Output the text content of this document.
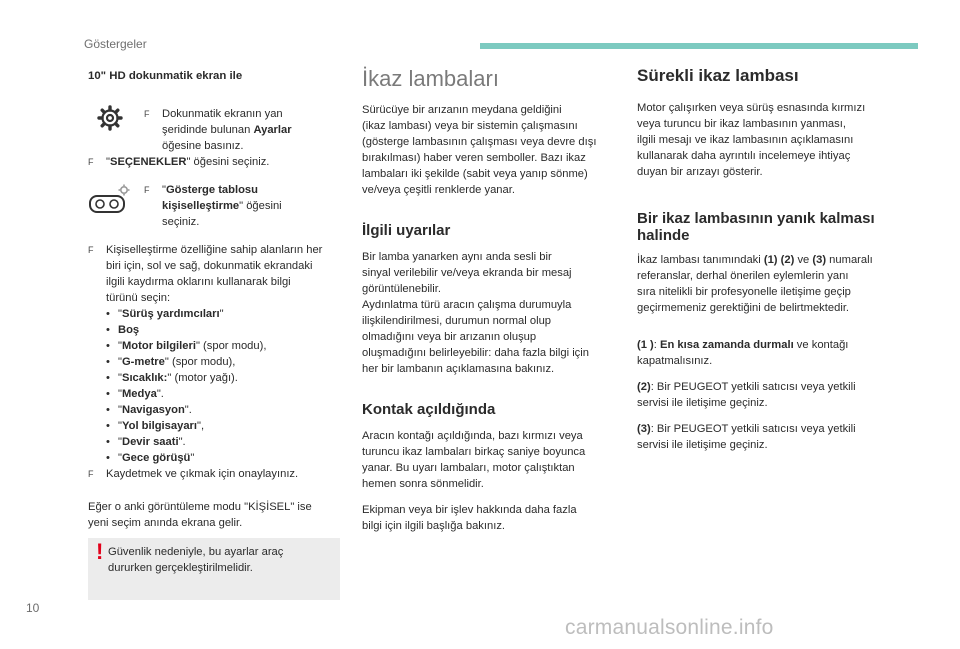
Göstergeler

10" HD dokunmatik ekran ile

F	Dokunmatik ekranın yan
şeridinde bulunan Ayarlar
öğesine basınız.
F	"SEÇENEKLER" öğesini seçiniz.
F	"Gösterge tablosu
kişiselleştirme" öğesini
seçiniz.
F	Kişiselleştirme özelliğine sahip alanların her
biri için, sol ve sağ, dokunmatik ekrandaki
ilgili kaydırma oklarını kullanarak bilgi
türünü seçin:
• "Sürüş yardımcıları"
• Boş
• "Motor bilgileri" (spor modu),
• "G-metre" (spor modu),
• "Sıcaklık:" (motor yağı).
• "Medya".
• "Navigasyon".
• "Yol bilgisayarı",
• "Devir saati".
• "Gece görüşü"
F	Kaydetmek ve çıkmak için onaylayınız.

Eğer o anki görüntüleme modu "KİŞİSEL" ise
yeni seçim anında ekrana gelir.

! Güvenlik nedeniyle, bu ayarlar araç
dururken gerçekleştirilmelidir.
İkaz lambaları

Sürücüye bir arızanın meydana geldiğini
(ikaz lambası) veya bir sistemin çalışmasını
(gösterge lambasının çalışması veya devre dışı
bırakılması) haber veren semboller. Bazı ikaz
lambaları iki şekilde (sabit veya yanıp sönme)
ve/veya çeşitli renklerde yanar.

İlgili uyarılar

Bir lamba yanarken aynı anda sesli bir
sinyal verilebilir ve/veya ekranda bir mesaj
görüntülenebilir.
Aydınlatma türü aracın çalışma durumuyla
ilişkilendirilmesi, durumun normal olup
olmadığını veya bir arızanın oluşup
oluşmadığını belirleyebilir: daha fazla bilgi için
her bir lambanın açıklamasına bakınız.

Kontak açıldığında

Aracın kontağı açıldığında, bazı kırmızı veya
turuncu ikaz lambaları birkaç saniye boyunca
yanar. Bu uyarı lambaları, motor çalıştıktan
hemen sonra sönmelidir.

Ekipman veya bir işlev hakkında daha fazla
bilgi için ilgili başlığa bakınız.

Sürekli ikaz lambası

Motor çalışırken veya sürüş esnasında kırmızı
veya turuncu bir ikaz lambasının yanması,
ilgili mesajı ve ikaz lambasının açıklamasını
kullanarak daha ayrıntılı incelemeye ihtiyaç
duyan bir arızayı gösterir.

Bir ikaz lambasının yanık kalması
halinde

İkaz lambası tanımındaki (1) (2) ve (3) numaralı
referanslar, derhal önerilen eylemlerin yanı
sıra nitelikli bir profesyonelle iletişime geçip
geçirmemeniz gerektiğini de belirtmektedir.

(1 ): En kısa zamanda durmalı ve kontağı
kapatmalısınız.

(2): Bir PEUGEOT yetkili satıcısı veya yetkili
servisi ile iletişime geçiniz.

(3): Bir PEUGEOT yetkili satıcısı veya yetkili
servisi ile iletişime geçiniz.

10
carmanualsonline.info
